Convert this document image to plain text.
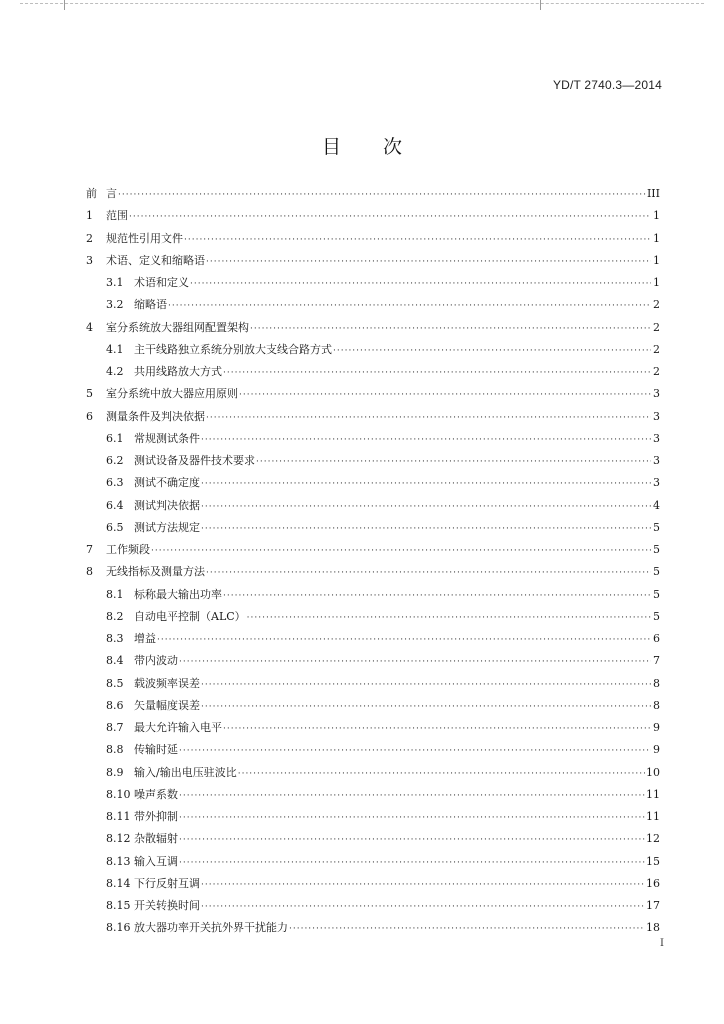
YD/T 2740.3—2014
目 次
前 言 ·····	III
1	范围 ·····	1
2	规范性引用文件 ·····	1
3	术语、定义和缩略语 ·····	1
3.1 术语和定义 ·····	1
3.2 缩略语 ·····	2
4	室分系统放大器组网配置架构 ·····	2
4.1 主干线路独立系统分别放大支线合路方式 ·····	2
4.2 共用线路放大方式 ·····	2
5	室分系统中放大器应用原则 ·····	3
6	测量条件及判决依据 ·····	3
6.1 常规测试条件 ·····	3
6.2 测试设备及器件技术要求 ·····	3
6.3 测试不确定度 ·····	3
6.4 测试判决依据 ·····	4
6.5 测试方法规定 ·····	5
7	工作频段 ·····	5
8	无线指标及测量方法 ·····	5
8.1 标称最大输出功率 ·····	5
8.2 自动电平控制（ALC） ·····	5
8.3 增益 ·····	6
8.4 带内波动 ·····	7
8.5 载波频率误差 ·····	8
8.6 矢量幅度误差 ·····	8
8.7 最大允许输入电平 ·····	9
8.8 传输时延 ·····	9
8.9 输入/输出电压驻波比 ·····	10
8.10 噪声系数 ·····	11
8.11 带外抑制 ·····	11
8.12 杂散辐射 ·····	12
8.13 输入互调 ·····	15
8.14 下行反射互调 ·····	16
8.15 开关转换时间 ·····	17
8.16 放大器功率开关抗外界干扰能力 ·····	18
I
